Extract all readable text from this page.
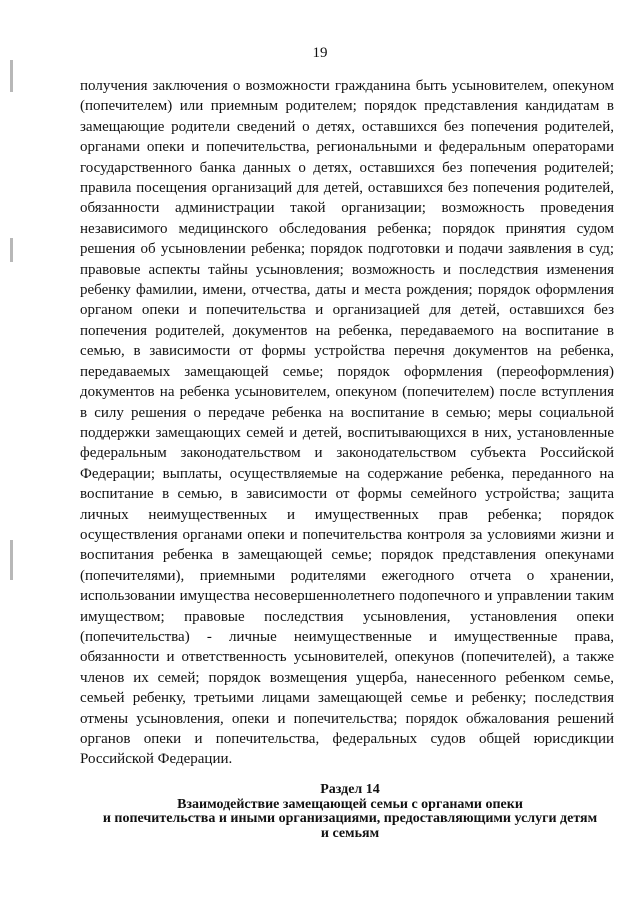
19

получения заключения о возможности гражданина быть усыновителем, опекуном (попечителем) или приемным родителем; порядок представления кандидатам в замещающие родители сведений о детях, оставшихся без попечения родителей, органами опеки и попечительства, региональными и федеральным операторами государственного банка данных о детях, оставшихся без попечения родителей; правила посещения организаций для детей, оставшихся без попечения родителей, обязанности администрации такой организации; возможность проведения независимого медицинского обследования ребенка; порядок принятия судом решения об усыновлении ребенка; порядок подготовки и подачи заявления в суд; правовые аспекты тайны усыновления; возможность и последствия изменения ребенку фамилии, имени, отчества, даты и места рождения; порядок оформления органом опеки и попечительства и организацией для детей, оставшихся без попечения родителей, документов на ребенка, передаваемого на воспитание в семью, в зависимости от формы устройства перечня документов на ребенка, передаваемых замещающей семье; порядок оформления (переоформления) документов на ребенка усыновителем, опекуном (попечителем) после вступления в силу решения о передаче ребенка на воспитание в семью; меры социальной поддержки замещающих семей и детей, воспитывающихся в них, установленные федеральным законодательством и законодательством субъекта Российской Федерации; выплаты, осуществляемые на содержание ребенка, переданного на воспитание в семью, в зависимости от формы семейного устройства; защита личных неимущественных и имущественных прав ребенка; порядок осуществления органами опеки и попечительства контроля за условиями жизни и воспитания ребенка в замещающей семье; порядок представления опекунами (попечителями), приемными родителями ежегодного отчета о хранении, использовании имущества несовершеннолетнего подопечного и управлении таким имуществом; правовые последствия усыновления, установления опеки (попечительства) - личные неимущественные и имущественные права, обязанности и ответственность усыновителей, опекунов (попечителей), а также членов их семей; порядок возмещения ущерба, нанесенного ребенком семье, семьей ребенку, третьими лицами замещающей семье и ребенку; последствия отмены усыновления, опеки и попечительства; порядок обжалования решений органов опеки и попечительства, федеральных судов общей юрисдикции Российской Федерации.

Раздел 14
Взаимодействие замещающей семьи с органами опеки
и попечительства и иными организациями, предоставляющими услуги детям
и семьям
